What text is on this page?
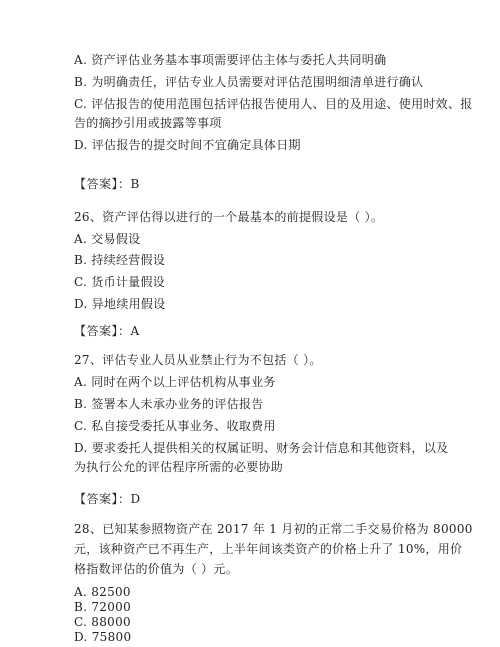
A. 资产评估业务基本事项需要评估主体与委托人共同明确

B. 为明确责任，评估专业人员需要对评估范围明细清单进行确认

C. 评估报告的使用范围包括评估报告使用人、目的及用途、使用时效、报

告的摘抄引用或披露等事项

D. 评估报告的提交时间不宜确定具体日期

【答案】：B

26、资产评估得以进行的一个最基本的前提假设是（ ）。

A. 交易假设

B. 持续经营假设

C. 货币计量假设

D. 异地续用假设

【答案】：A

27、评估专业人员从业禁止行为不包括（ ）。

A. 同时在两个以上评估机构从事业务

B. 签署本人未承办业务的评估报告

C. 私自接受委托从事业务、收取费用

D. 要求委托人提供相关的权属证明、财务会计信息和其他资料，以及

为执行公允的评估程序所需的必要协助

【答案】：D

28、已知某参照物资产在 2017 年 1 月初的正常二手交易价格为 80000

元，该种资产已不再生产，上半年间该类资产的价格上升了 10%，用价

格指数评估的价值为（ ）元。

A. 82500

B. 72000

C. 88000

D. 75800
